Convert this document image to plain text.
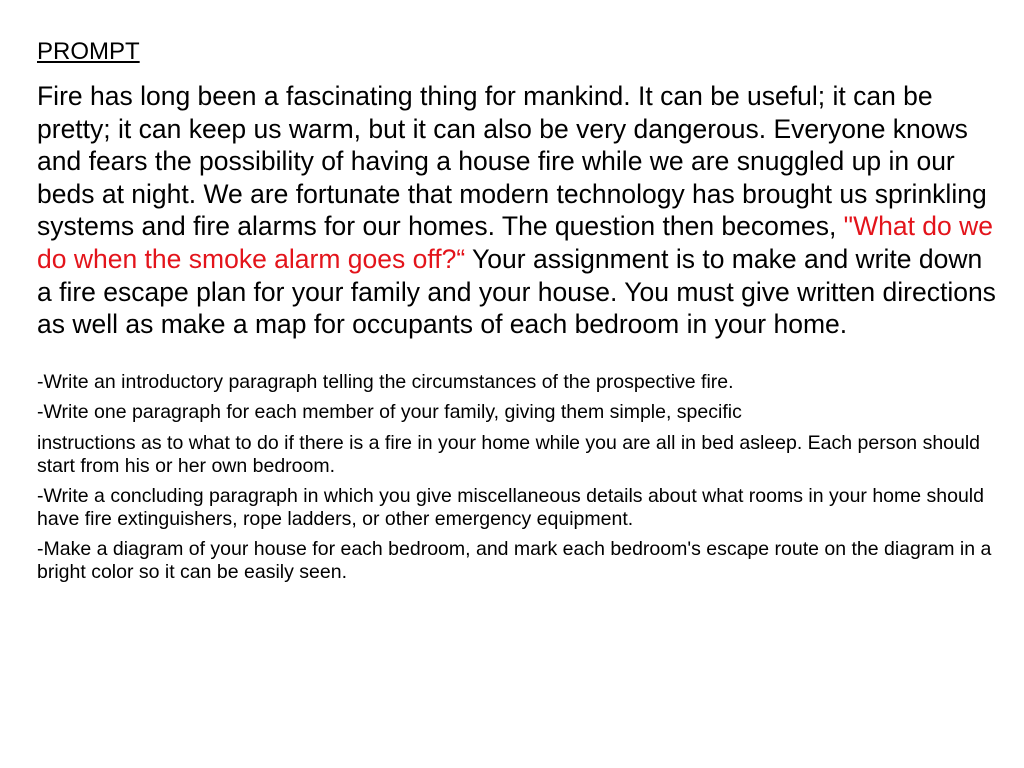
PROMPT

Fire has long been a fascinating thing for mankind. It can be useful; it can be pretty; it can keep us warm, but it can also be very dangerous. Everyone knows and fears the possibility of having a house fire while we are snuggled up in our beds at night. We are fortunate that modern technology has brought us sprinkling systems and fire alarms for our homes. The question then becomes, "What do we do when the smoke alarm goes off?“ Your assignment is to make and write down a fire escape plan for your family and your house. You must give written directions as well as make a map for occupants of each bedroom in your home.

-Write an introductory paragraph telling the circumstances of the prospective fire.

-Write one paragraph for each member of your family, giving them simple, specific
instructions as to what to do if there is a fire in your home while you are all in bed asleep. Each person should start from his or her own bedroom.

-Write a concluding paragraph in which you give miscellaneous details about what rooms in your home should have fire extinguishers, rope ladders, or other emergency equipment.

-Make a diagram of your house for each bedroom, and mark each bedroom's escape route on the diagram in a bright color so it can be easily seen.
